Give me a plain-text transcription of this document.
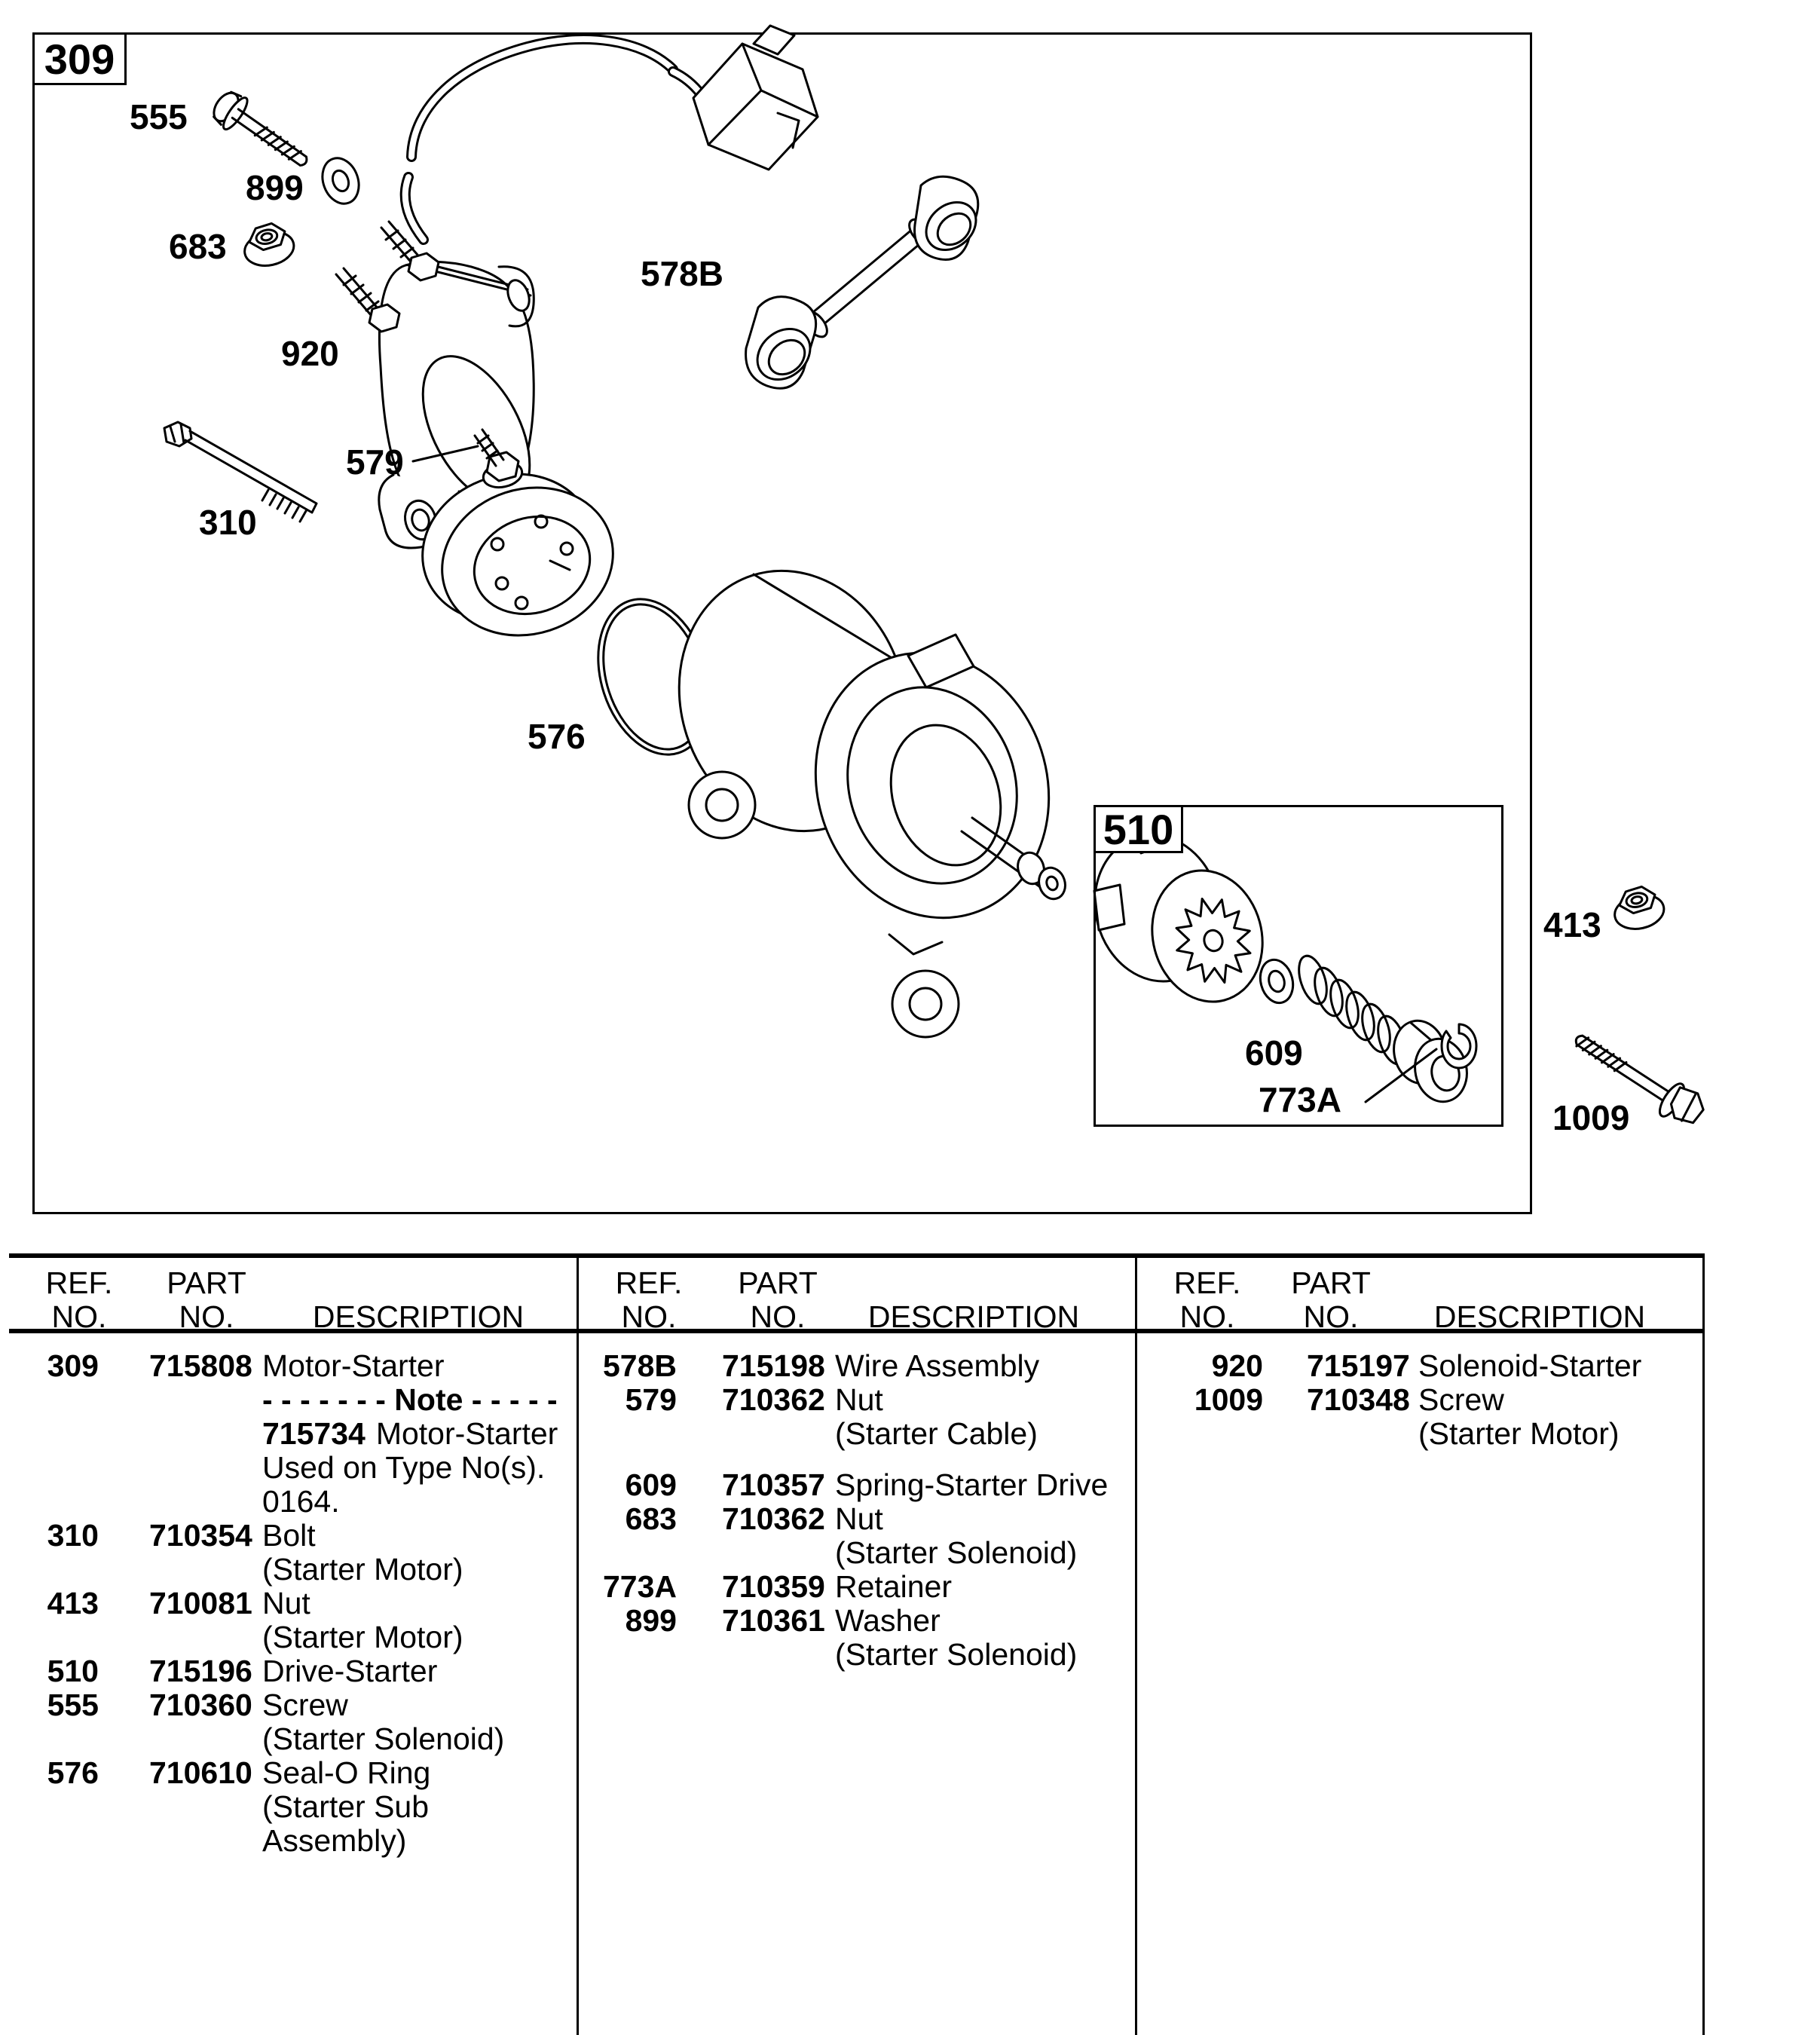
309
510
555
899
683
920
578B
579
310
576
609
773A
413
1009
REF.
NO.
PART
NO.	DESCRIPTION
REF.
NO.
PART
NO.	DESCRIPTION
REF.
NO.
PART
NO.	DESCRIPTION
309 715808 Motor-Starter
- - - - - - - Note - - - - -
715734 Motor-Starter
Used on Type No(s).
0164.
310 710354 Bolt
(Starter Motor)
413 710081 Nut
(Starter Motor)
510 715196 Drive-Starter
555 710360 Screw
(Starter Solenoid)
576 710610 Seal-O Ring
(Starter Sub
Assembly)
578B 715198 Wire Assembly
579 710362 Nut
(Starter Cable)
609 710357 Spring-Starter Drive
683 710362 Nut
(Starter Solenoid)
773A 710359 Retainer
899 710361 Washer
(Starter Solenoid)
920 715197 Solenoid-Starter
1009 710348 Screw
(Starter Motor)
